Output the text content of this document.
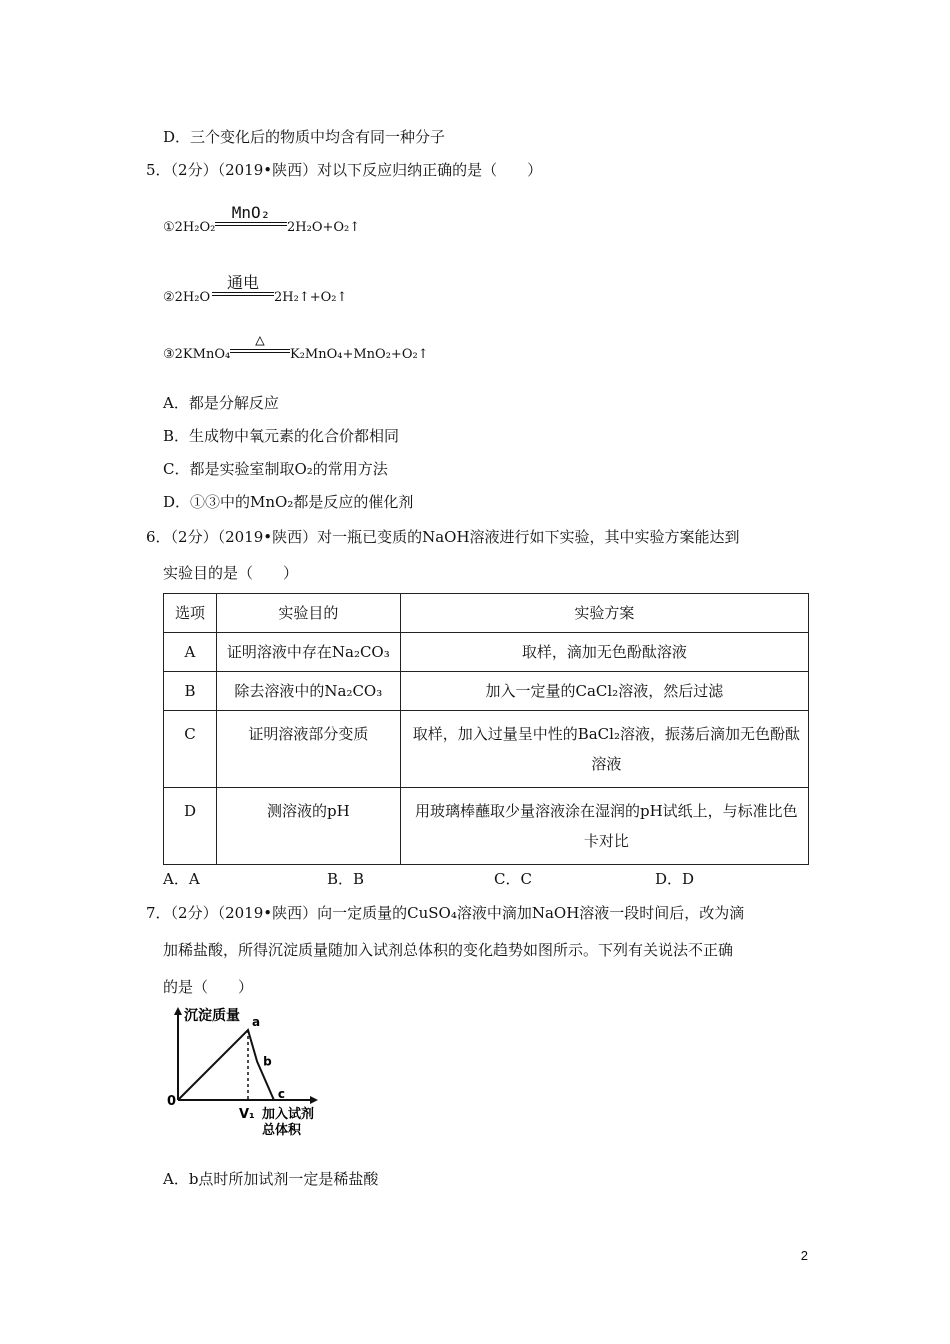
D．三个变化后的物质中均含有同一种分子
5．（2分）（2019•陕西）对以下反应归纳正确的是（　　）
①2H₂O₂
MnO₂
2H₂O+O₂↑
②2H₂O
通电
2H₂↑+O₂↑
③2KMnO₄
△
K₂MnO₄+MnO₂+O₂↑
A．都是分解反应
B．生成物中氧元素的化合价都相同
C．都是实验室制取O₂的常用方法
D．①③中的MnO₂都是反应的催化剂
6．（2分）（2019•陕西）对一瓶已变质的NaOH溶液进行如下实验，其中实验方案能达到
实验目的是（　　）
选项	实验目的	实验方案
A	证明溶液中存在Na₂CO₃	取样，滴加无色酚酞溶液
B	除去溶液中的Na₂CO₃	加入一定量的CaCl₂溶液，然后过滤
C	证明溶液部分变质	取样，加入过量呈中性的BaCl₂溶液，振荡后滴加无色酚酞溶液
D	测溶液的pH	用玻璃棒蘸取少量溶液涂在湿润的pH试纸上，与标准比色卡对比
A．A	B．B	C．C	D．D
7．（2分）（2019•陕西）向一定质量的CuSO₄溶液中滴加NaOH溶液一段时间后，改为滴
加稀盐酸，所得沉淀质量随加入试剂总体积的变化趋势如图所示。下列有关说法不正确
的是（　　）
沉淀质量
0
V₁ 加入试剂 总体积
a
b
c
A．b点时所加试剂一定是稀盐酸
2
